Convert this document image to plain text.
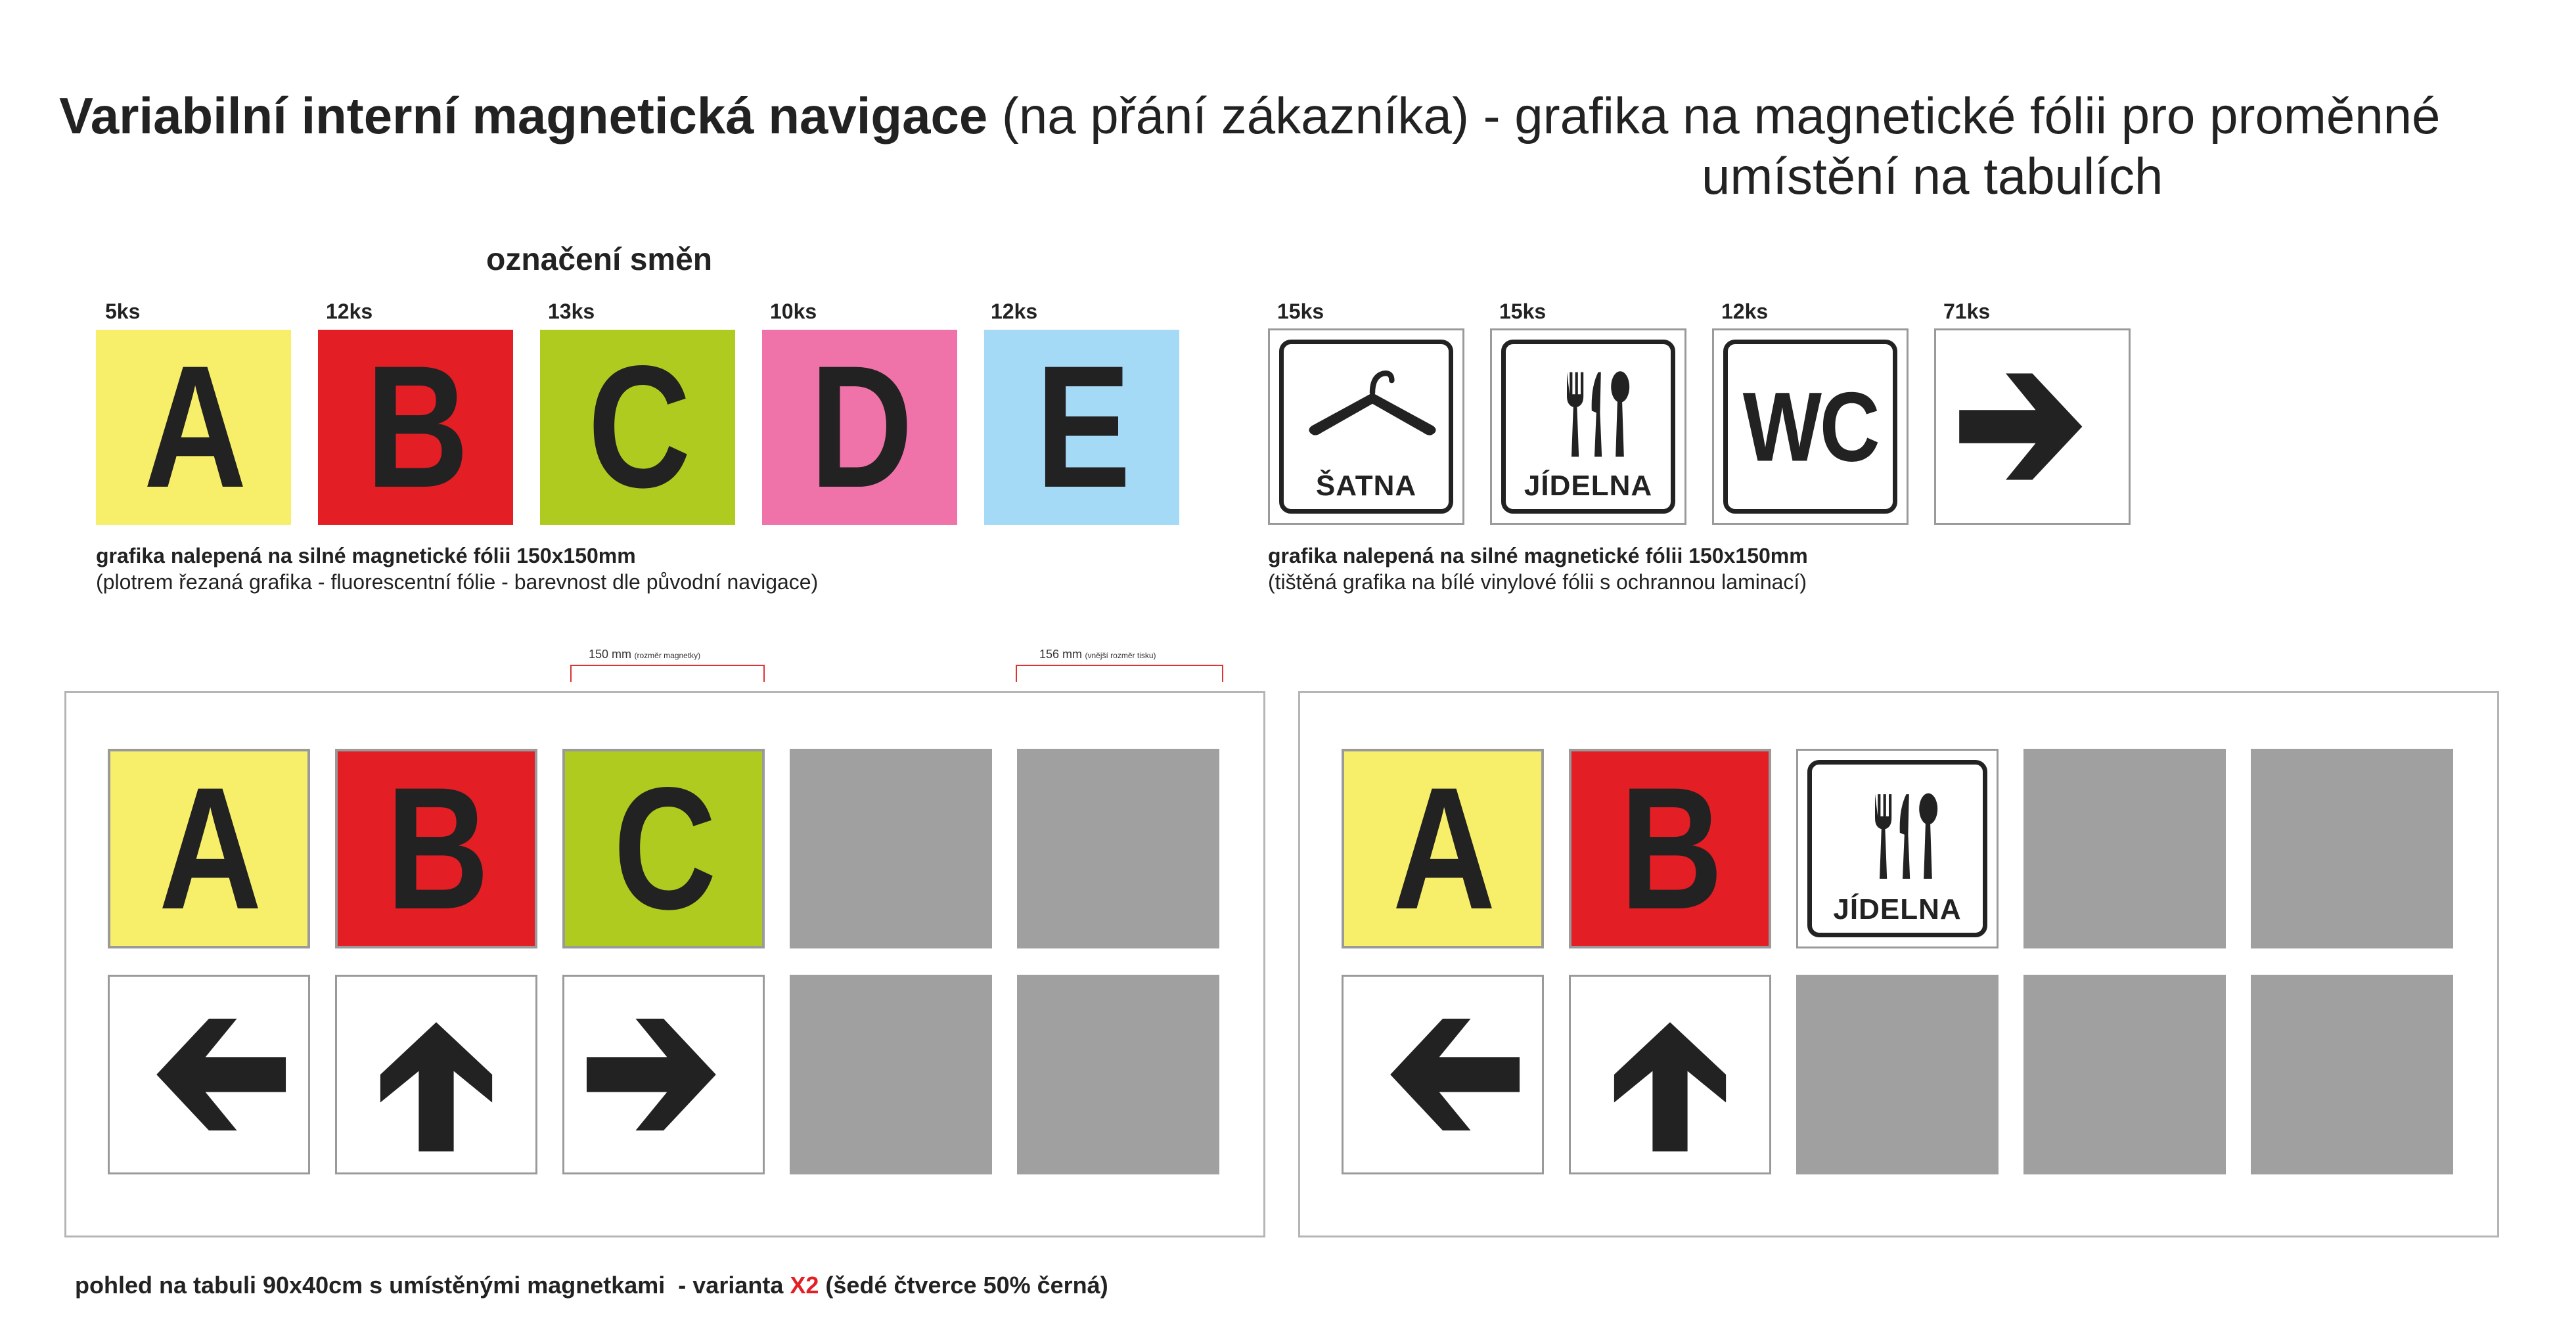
Variabilní interní magnetická navigace (na přání zákazníka) - grafika na magnetické fólii pro proměnné
umístění na tabulích
označení směn
5ks	12ks	13ks	10ks	12ks
A B C D E
grafika nalepená na silné magnetické fólii 150x150mm
(plotrem řezaná grafika - fluorescentní fólie - barevnost dle původní navigace)
15ks	15ks	12ks	71ks
ŠATNA	JÍDELNA
WC
grafika nalepená na silné magnetické fólii 150x150mm
(tištěná grafika na bílé vinylové fólii s ochrannou laminací)
150 mm (rozměr magnetky)	156 mm (vnější rozměr tisku)
A B C	A B	JÍDELNA
pohled na tabuli 90x40cm s umístěnými magnetkami  - varianta X2 (šedé čtverce 50% černá)
